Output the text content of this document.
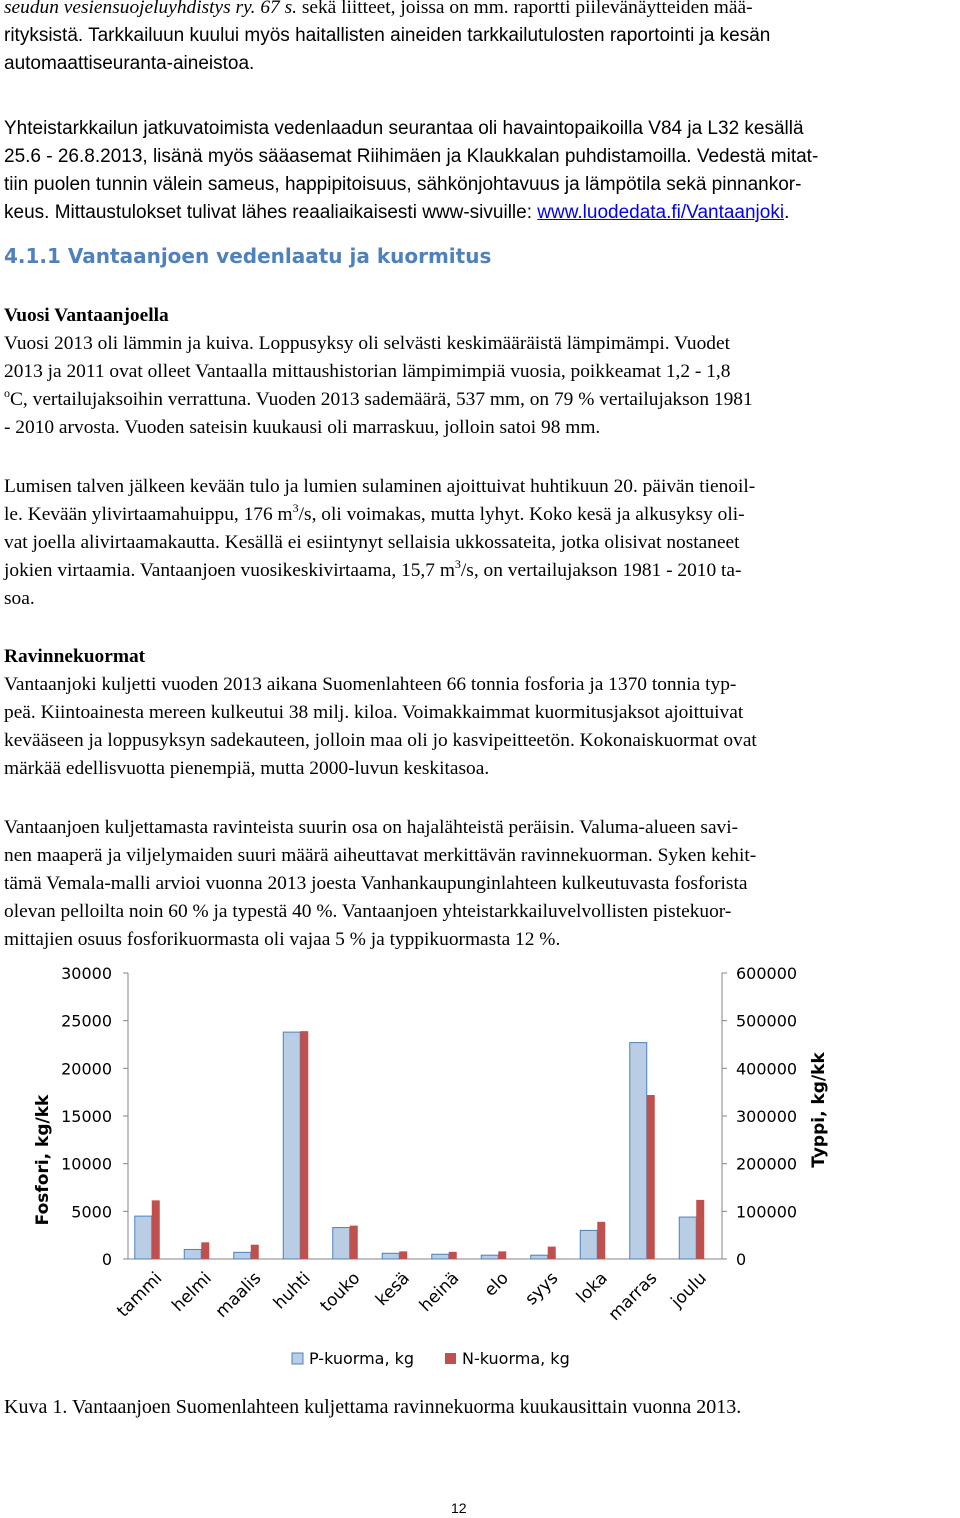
seudun vesiensuojeluyhdistys ry. 67 s. sekä liitteet, joissa on mm. raportti piilevänäytteiden mää-
rityksistä. Tarkkailuun kuului myös haitallisten aineiden tarkkailutulosten raportointi ja kesän
automaattiseuranta-aineistoa.
Yhteistarkkailun jatkuvatoimista vedenlaadun seurantaa oli havaintopaikoilla V84 ja L32 kesällä
25.6 - 26.8.2013, lisänä myös sääasemat Riihimäen ja Klaukkalan puhdistamoilla. Vedestä mitat-
tiin puolen tunnin välein sameus, happipitoisuus, sähkönjohtavuus ja lämpötila sekä pinnankor-
keus. Mittaustulokset tulivat lähes reaaliaikaisesti www-sivuille: www.luodedata.fi/Vantaanjoki.
4.1.1 Vantaanjoen vedenlaatu ja kuormitus
Vuosi Vantaanjoella
Vuosi 2013 oli lämmin ja kuiva. Loppusyksy oli selvästi keskimääräistä lämpimämpi. Vuodet
2013 ja 2011 ovat olleet Vantaalla mittaushistorian lämpimimpiä vuosia, poikkeamat 1,2 - 1,8
$^o$C, vertailujaksoihin verrattuna. Vuoden 2013 sademäärä, 537 mm, on 79 % vertailujakson 1981
- 2010 arvosta. Vuoden sateisin kuukausi oli marraskuu, jolloin satoi 98 mm.
Lumisen talven jälkeen kevään tulo ja lumien sulaminen ajoittuivat huhtikuun 20. päivän tienoil-
le. Kevään ylivirtaamahuippu, 176 $m^3/s$, oli voimakas, mutta lyhyt. Koko kesä ja alkusyksy oli-
vat joella alivirtaamakautta. Kesällä ei esiintynyt sellaisia ukkossateita, jotka olisivat nostaneet
jokien virtaamia. Vantaanjoen vuosikeskivirtaama, 15,7 $m^3/s$, on vertailujakson 1981 - 2010 ta-
soa.
Ravinnekuormat
Vantaanjoki kuljetti vuoden 2013 aikana Suomenlahteen 66 tonnia fosforia ja 1370 tonnia typ-
peä. Kiintoainesta mereen kulkeutui 38 milj. kiloa. Voimakkaimmat kuormitusjaksot ajoittuivat
kevääseen ja loppusyksyn sadekauteen, jolloin maa oli jo kasvipeitteetön. Kokonaiskuormat ovat
märkää edellisvuotta pienempiä, mutta 2000-luvun keskitasoa.
Vantaanjoen kuljettamasta ravinteista suurin osa on hajalähteistä peräisin. Valuma-alueen savi-
nen maaperä ja viljelymaiden suuri määrä aiheuttavat merkittävän ravinnekuorman. Syken kehit-
tämä Vemala-malli arvioi vuonna 2013 joesta Vanhankaupunginlahteen kulkeutuvasta fosforista
olevan pelloilta noin 60 % ja typestä 40 %. Vantaanjoen yhteistarkkailuvelvollisten pistekuor-
mittajien osuus fosforikuormasta oli vajaa 5 % ja typpikuormasta 12 %.
0
5000
10000
15000
20000
25000
30000
0
100000
200000
300000
400000
500000
600000
Fosfori, kg/kk	Typpi, kg/kk
tammi helmi
maalis huhti touko kesä heinä elo syys loka
marras joulu
P-kuorma, kg	N-kuorma, kg
Kuva 1. Vantaanjoen Suomenlahteen kuljettama ravinnekuorma kuukausittain vuonna 2013.
12
